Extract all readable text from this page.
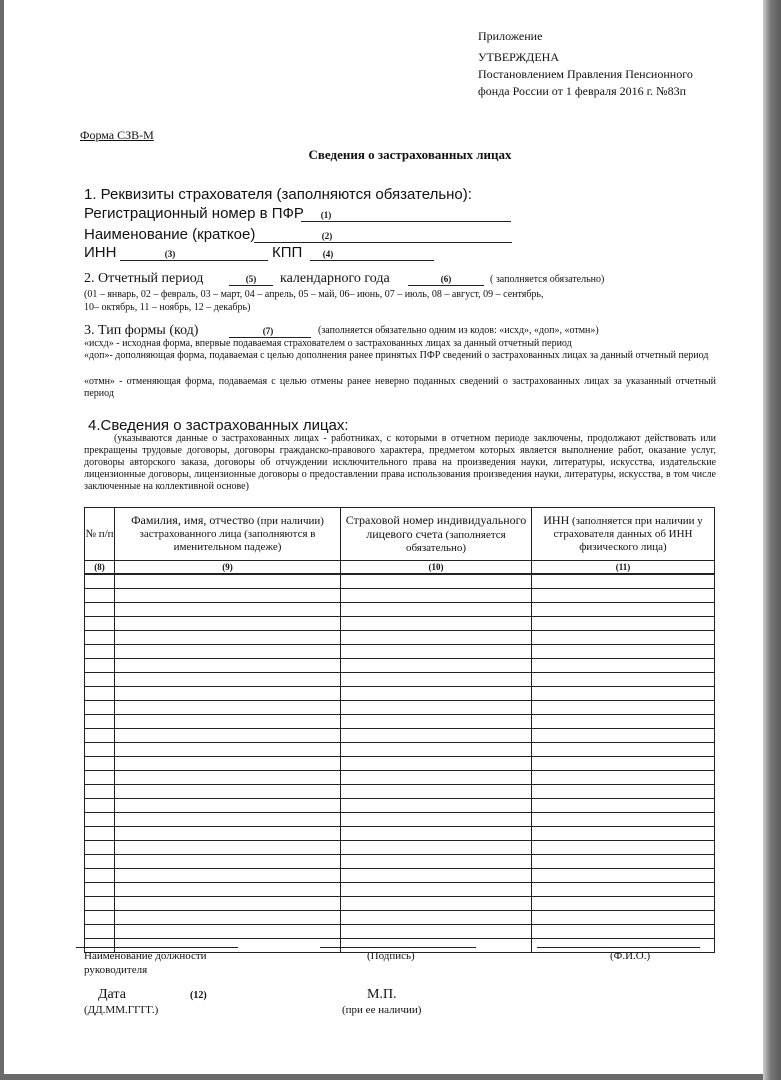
Приложение
УТВЕРЖДЕНА
Постановлением Правления Пенсионного
фонда России от 1 февраля 2016 г. №83п
Форма СЗВ-М
Сведения о застрахованных лицах
1. Реквизиты страхователя (заполняются обязательно):
Регистрационный номер в ПФР	(1)
Наименование (краткое)	(2)
ИНН	(3)	КПП	(4)
2. Отчетный период	(5)	календарного года	(6)	( заполняется обязательно)
(01 – январь, 02 – февраль, 03 – март, 04 – апрель, 05 – май, 06– июнь, 07 – июль, 08 – август, 09 – сентябрь,
10– октябрь, 11 – ноябрь, 12 – декабрь)
3. Тип формы (код)	(7)	(заполняется обязательно одним из кодов: «исхд», «доп», «отмн»)
«исхд» - исходная форма, впервые подаваемая страхователем о застрахованных лицах за данный отчетный период
«доп»- дополняющая форма, подаваемая с целью дополнения ранее принятых ПФР сведений о застрахованных лицах за данный отчетный период
«отмн» - отменяющая форма, подаваемая с целью отмены ранее неверно поданных сведений о застрахованных лицах за указанный отчетный период
4.Сведения о застрахованных лицах:
(указываются данные о застрахованных лицах - работниках, с которыми в отчетном периоде заключены, продолжают действовать или прекращены трудовые договоры, договоры гражданско-правового характера, предметом которых является выполнение работ, оказание услуг, договоры авторского заказа, договоры об отчуждении исключительного права на произведения науки, литературы, искусства, издательские лицензионные договоры, лицензионные договоры о предоставлении права использования произведения науки, литературы, искусства, в том числе заключенные на коллективной основе)
№ п/п	Фамилия, имя, отчество (при наличии) застрахованного лица (заполняются в именительном падеже)	Страховой номер индивидуального лицевого счета (заполняется обязательно)	ИНН (заполняется при наличии у страхователя данных об ИНН физического лица)
(8)	(9)	(10)	(11)

Наименование должности
руководителя
(Подпись)	(Ф.И.О.)
Дата	(12)
(ДД.ММ.ГГГГ.)
М.П.
(при ее наличии)
